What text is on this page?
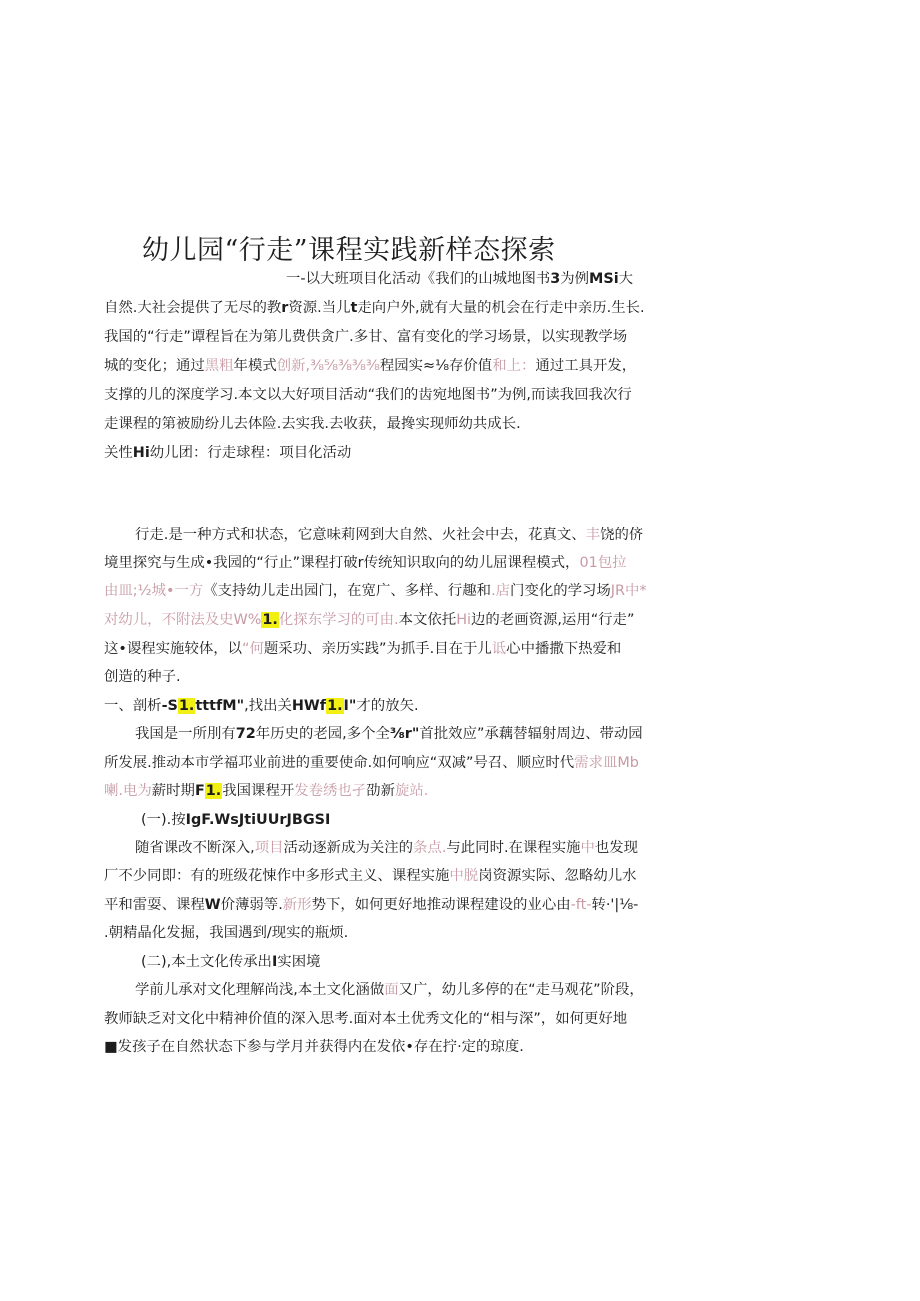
幼儿园“行走”课程实践新样态探索
一-以大班项目化活动《我们的山城地图书3为例MSi大
自然.大社会提供了无尽的教r资源.当儿t走向户外,就有大量的机会在行走中亲历.生长.
我国的“行走”谭程旨在为第儿费供贪广.多甘、富有变化的学习场景，以实现教学场
城的变化；通过黑粗年模式创新,⅜⅝⅜⅜⅜程园实≈⅛存价值和上：通过工具开发，
支撑的儿的深度学习.本文以大好项目活动“我们的齿宛地图书”为例,而读我回我次行
走课程的第被励纷儿去体险.去实我.去收获，最搀实现师幼共成长.
关性Hi幼儿团：行走球程：项目化活动
行走.是一种方式和状态，它意味莉网到大自然、火社会中去，花真文、丰饶的侪
境里探究与生成•我园的“行止”课程打破r传统知识取向的幼儿屈课程模式，01包拉
由皿;½城•一方《支持幼儿走出园门，在宽广、多样、行趣和.店门变化的学习场JR中*
对幼儿，不附法及史W%1.化探东学习的可由.本文依托Hi边的老画资源,运用“行走”
这•谡程实施较体，以“何题采功、亲历实践”为抓手.目在于儿诋心中播撒下热爱和
创造的种子.
一、剖析-S1.tttfM",找出关HWf1.I"才的放矢.
我国是一所刖有72年历史的老园,多个全⅜r"首批效应”承藕替辐射周边、带动园
所发展.推动本市学福邛业前进的重要使命.如何响应“双减”号召、顺应时代需求皿Mb
喇.电为薪时期F1.我国课程开发卷绣也孑劭新旋站.
(一).按IgF.WsJtiUUrJBGSI
随省课改不断深入,项目活动逐新成为关注的条点.与此同时.在课程实施中也发现
厂不少同即：有的班级花悚作中多形式主义、课程实施中脱岗资源实际、忽略幼儿水
平和雷耍、课程W价薄弱等.新形势下，如何更好地推动课程建设的业心由-ft-转·'|⅛-
.朝精晶化发掘，我国遇到/现实的瓶烦.
(二),本土文化传承出I实困境
学前儿承对文化理解尚浅,本土文化涵做面又广，幼儿多停的在“走马观花”阶段，
教师缺乏对文化中精神价值的深入思考.面对本土优秀文化的“相与深”，如何更好地
■发孩子在自然状态下参与学月并获得内在发依•存在拧·定的琼度.
